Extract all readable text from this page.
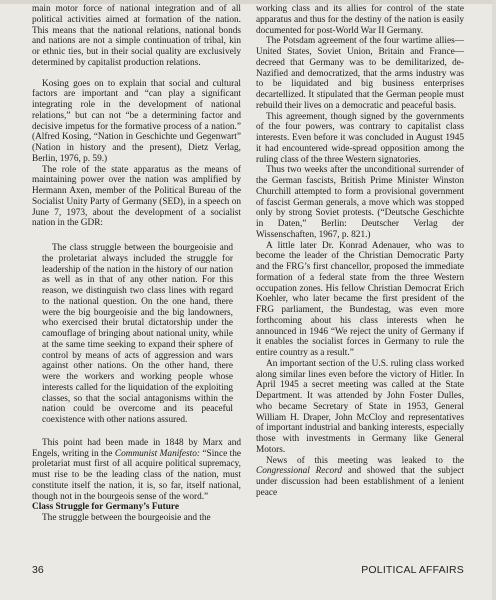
main motor force of national integration and of all political activities aimed at formation of the nation. This means that the national relations, national bonds and nations are not a simple continuation of tribal, kin or ethnic ties, but in their social quality are exclusively determined by capitalist production relations.

Kosing goes on to explain that social and cultural factors are important and “can play a significant integrating role in the development of national relations,” but can not “be a determining factor and decisive impetus for the formative process of a nation.” (Alfred Kosing, “Nation in Geschichte und Gegenwart” (Nation in history and the present), Dietz Verlag, Berlin, 1976, p. 59.)

The role of the state apparatus as the means of maintaining power over the nation was amplified by Hermann Axen, member of the Political Bureau of the Socialist Unity Party of Germany (SED), in a speech on June 7, 1973, about the development of a socialist nation in the GDR:

The class struggle between the bourgeoisie and the proletariat always included the struggle for leadership of the nation in the history of our nation as well as in that of any other nation. For this reason, we distinguish two class lines with regard to the national question. On the one hand, there were the big bourgeoisie and the big landowners, who exercised their brutal dictatorship under the camouflage of bringing about national unity, while at the same time seeking to expand their sphere of control by means of acts of aggression and wars against other nations. On the other hand, there were the workers and working people whose interests called for the liquidation of the exploiting classes, so that the social antagonisms within the nation could be overcome and its peaceful coexistence with other nations assured.

This point had been made in 1848 by Marx and Engels, writing in the Communist Manifesto: “Since the proletariat must first of all acquire political supremacy, must rise to be the leading class of the nation, must constitute itself the nation, it is, so far, itself national, though not in the bourgeois sense of the word.”

Class Struggle for Germany’s Future

The struggle between the bourgeoisie and the

working class and its allies for control of the state apparatus and thus for the destiny of the nation is easily documented for post-World War II Germany.

The Potsdam agreement of the four wartime allies—United States, Soviet Union, Britain and France—decreed that Germany was to be demilitarized, de-Nazified and democratized, that the arms industry was to be liquidated and big business enterprises decartellized. It stipulated that the German people must rebuild their lives on a democratic and peaceful basis.

This agreement, though signed by the governments of the four powers, was contrary to capitalist class interests. Even before it was concluded in August 1945 it had encountered wide-spread opposition among the ruling class of the three Western signatories.

Thus two weeks after the unconditional surrender of the German fascists, British Prime Minister Winston Churchill attempted to form a provisional government of fascist German generals, a move which was stopped only by strong Soviet protests. (“Deutsche Geschichte in Daten,” Berlin: Deutscher Verlag der Wissenschaften, 1967, p. 821.)

A little later Dr. Konrad Adenauer, who was to become the leader of the Christian Democratic Party and the FRG’s first chancellor, proposed the immediate formation of a federal state from the three Western occupation zones. His fellow Christian Democrat Erich Koehler, who later became the first president of the FRG parliament, the Bundestag, was even more forthcoming about his class interests when he announced in 1946 “We reject the unity of Germany if it enables the socialist forces in Germany to rule the entire country as a result.”

An important section of the U.S. ruling class worked along similar lines even before the victory of Hitler. In April 1945 a secret meeting was called at the State Department. It was attended by John Foster Dulles, who became Secretary of State in 1953, General William H. Draper, John McCloy and representatives of important industrial and banking interests, especially those with investments in Germany like General Motors.

News of this meeting was leaked to the Congressional Record and showed that the subject under discussion had been establishment of a lenient peace

36	POLITICAL AFFAIRS
